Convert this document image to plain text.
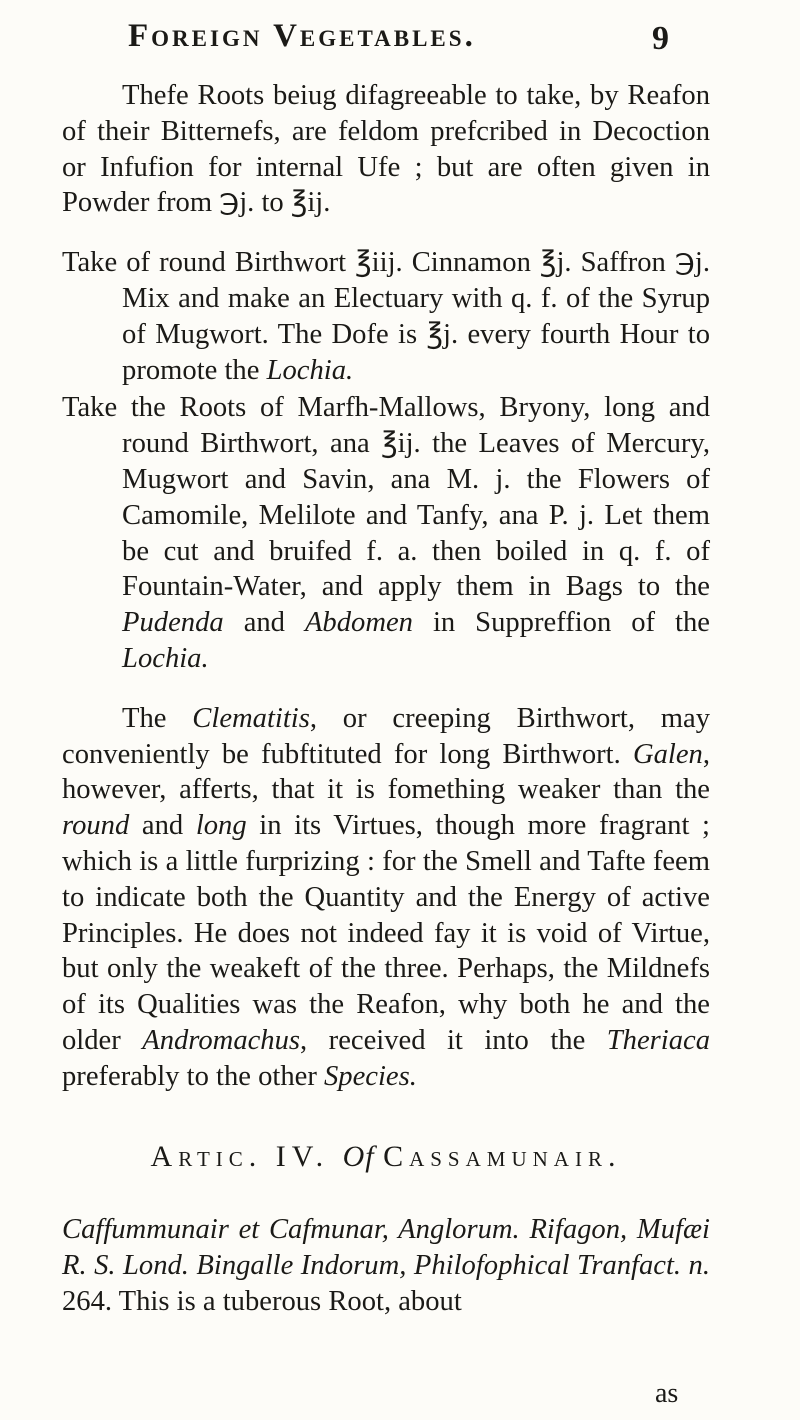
Foreign Vegetables.	9

Thefe Roots beiug difagreeable to take, by Reafon of their Bitternefs, are feldom prefcribed in Decoction or Infufion for internal Ufe ; but are often given in Powder from ℈j. to ℥ij.

Take of round Birthwort ℥iij. Cinnamon ℥j. Saffron ℈j. Mix and make an Electuary with q. f. of the Syrup of Mugwort. The Dofe is ℥j. every fourth Hour to promote the Lochia.

Take the Roots of Marfh-Mallows, Bryony, long and round Birthwort, ana ℥ij. the Leaves of Mercury, Mugwort and Savin, ana M. j. the Flowers of Camomile, Melilote and Tanfy, ana P. j. Let them be cut and bruifed f. a. then boiled in q. f. of Fountain-Water, and apply them in Bags to the Pudenda and Abdomen in Suppreffion of the Lochia.

The Clematitis, or creeping Birthwort, may conveniently be fubftituted for long Birthwort. Galen, however, afferts, that it is fomething weaker than the round and long in its Virtues, though more fragrant ; which is a little furprizing : for the Smell and Tafte feem to indicate both the Quantity and the Energy of active Principles. He does not indeed fay it is void of Virtue, but only the weakeft of the three. Perhaps, the Mildnefs of its Qualities was the Reafon, why both he and the older Andromachus, received it into the Theriaca preferably to the other Species.

Artic. IV. Of Cassamunair.

Caffummunair et Cafmunar, Anglorum. Rifagon, Mufæi R. S. Lond. Bingalle Indorum, Philofophical Tranfact. n. 264. This is a tuberous Root, about

as
